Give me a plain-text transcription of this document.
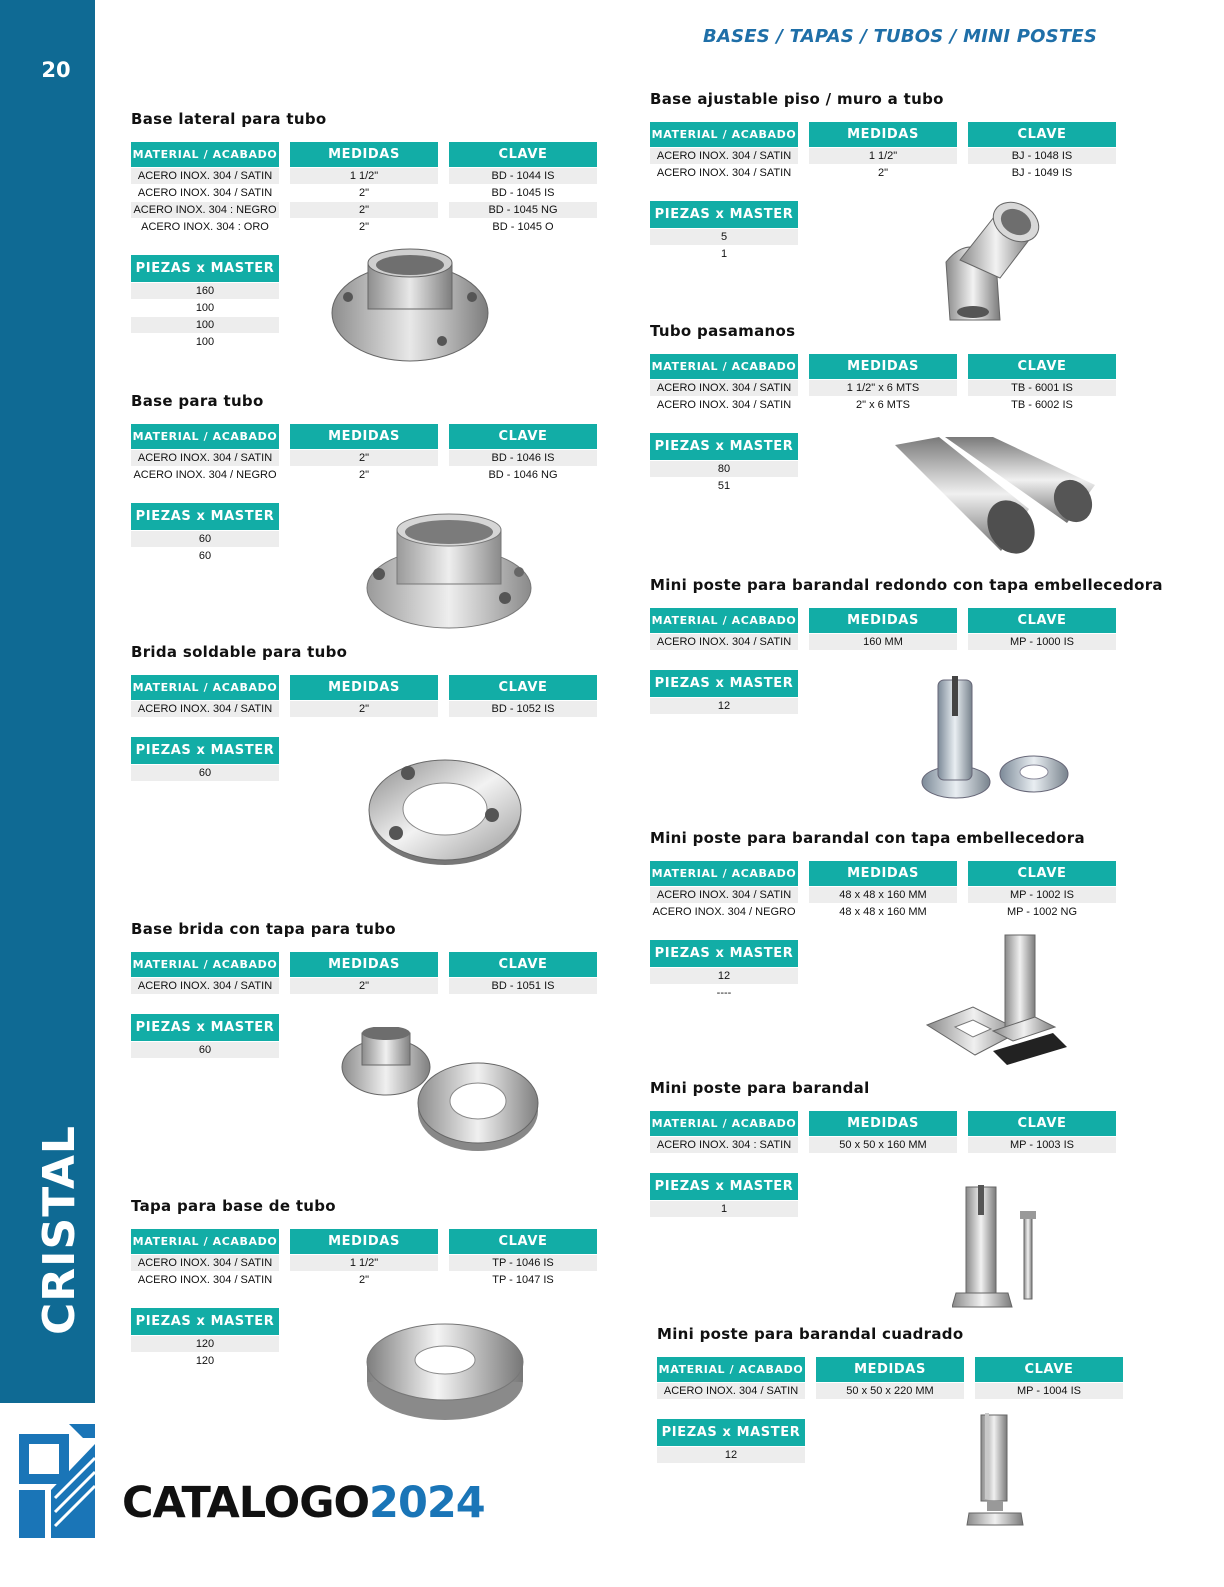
20
CRISTAL
BASES / TAPAS / TUBOS / MINI POSTES
CATALOGO2024
Base lateral para tubo
MATERIAL / ACABADO
ACERO INOX. 304 / SATIN
ACERO INOX. 304 / SATIN
ACERO INOX. 304 : NEGRO
ACERO INOX. 304 : ORO
MEDIDAS
1 1/2"
2"
2"
2"
CLAVE
BD - 1044 IS
BD - 1045 IS
BD - 1045 NG
BD - 1045 O
PIEZAS x MASTER
160
100
100
100
Base para tubo
MATERIAL / ACABADO
ACERO INOX. 304 / SATIN
ACERO INOX. 304 / NEGRO
MEDIDAS
2"
2"
CLAVE
BD - 1046 IS
BD - 1046 NG
PIEZAS x MASTER
60
60
Brida soldable para tubo
MATERIAL / ACABADO
ACERO INOX. 304 / SATIN
MEDIDAS
2"
CLAVE
BD - 1052 IS
PIEZAS x MASTER
60
Base brida con tapa para tubo
MATERIAL / ACABADO
ACERO INOX. 304 / SATIN
MEDIDAS
2"
CLAVE
BD - 1051 IS
PIEZAS x MASTER
60
Tapa para base de tubo
MATERIAL / ACABADO
ACERO INOX. 304 / SATIN
ACERO INOX. 304 / SATIN
MEDIDAS
1 1/2"
2"
CLAVE
TP - 1046 IS
TP - 1047 IS
PIEZAS x MASTER
120
120
Base ajustable piso / muro a tubo
MATERIAL / ACABADO
ACERO INOX. 304 / SATIN
ACERO INOX. 304 / SATIN
MEDIDAS
1 1/2"
2"
CLAVE
BJ - 1048 IS
BJ - 1049 IS
PIEZAS x MASTER
5
1
Tubo pasamanos
MATERIAL / ACABADO
ACERO INOX. 304 / SATIN
ACERO INOX. 304 / SATIN
MEDIDAS
1 1/2" x 6 MTS
2" x 6 MTS
CLAVE
TB - 6001 IS
TB - 6002 IS
PIEZAS x MASTER
80
51
Mini poste para barandal redondo con tapa embellecedora
MATERIAL / ACABADO
ACERO INOX. 304 / SATIN
MEDIDAS
160 MM
CLAVE
MP - 1000 IS
PIEZAS x MASTER
12
Mini poste para barandal con tapa embellecedora
MATERIAL / ACABADO
ACERO INOX. 304 / SATIN
ACERO INOX. 304 / NEGRO
MEDIDAS
48 x 48 x 160 MM
48 x 48 x 160 MM
CLAVE
MP - 1002 IS
MP - 1002 NG
PIEZAS x MASTER
12
----
Mini poste para barandal
MATERIAL / ACABADO
ACERO INOX. 304 : SATIN
MEDIDAS
50 x 50 x 160 MM
CLAVE
MP - 1003 IS
PIEZAS x MASTER
1
Mini poste para barandal cuadrado
MATERIAL / ACABADO
ACERO INOX. 304 / SATIN
MEDIDAS
50 x 50 x 220 MM
CLAVE
MP - 1004 IS
PIEZAS x MASTER
12
